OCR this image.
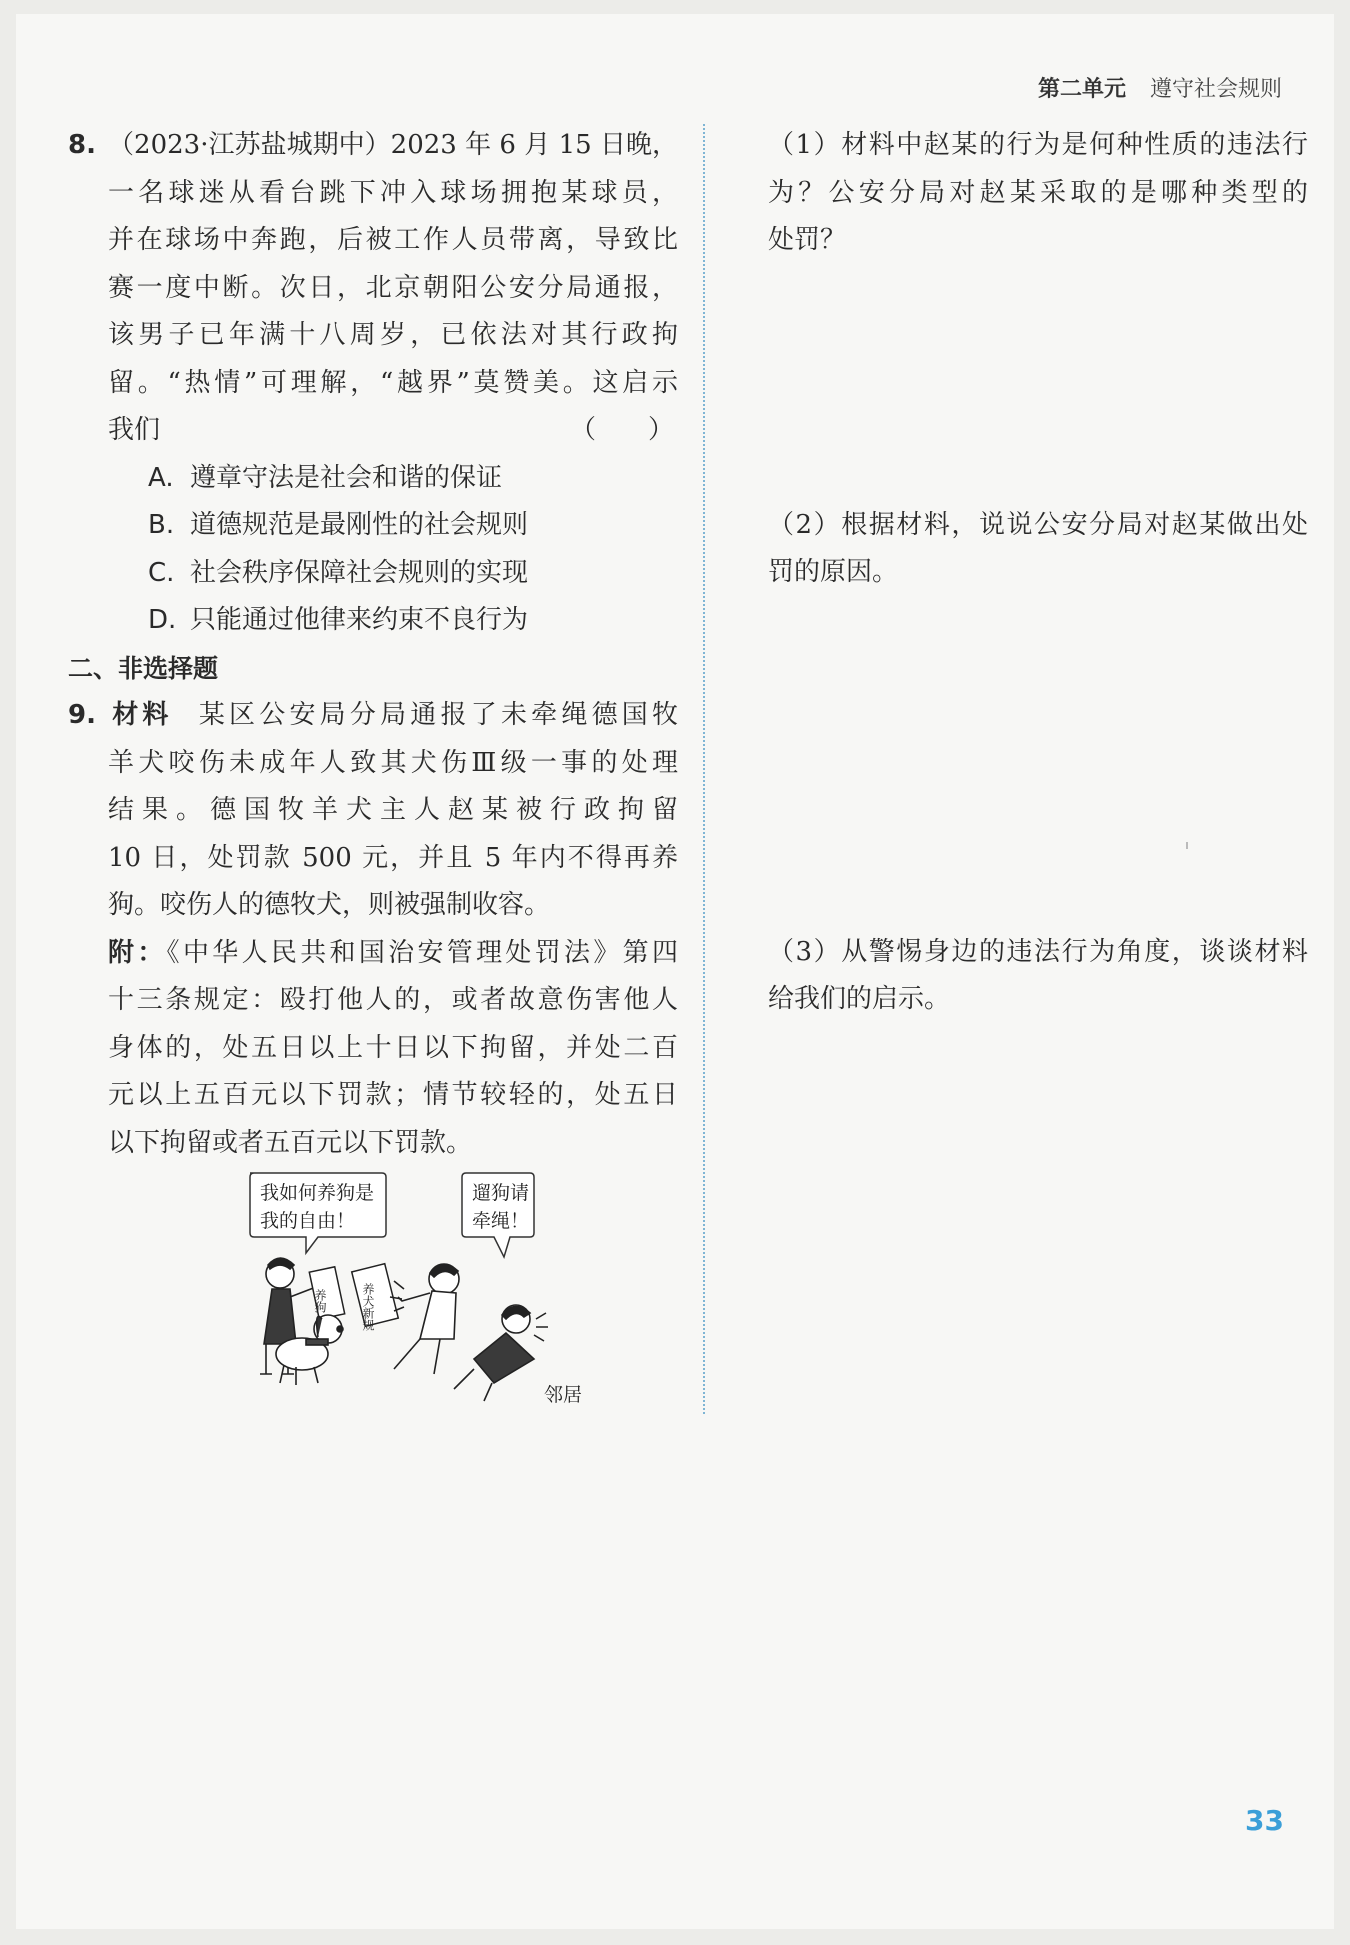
第二单元 遵守社会规则
8. （2023·江苏盐城期中）2023 年 6 月 15 日晚，
一名球迷从看台跳下冲入球场拥抱某球员，
并在球场中奔跑，后被工作人员带离，导致比
赛一度中断。次日，北京朝阳公安分局通报，
该男子已年满十八周岁，已依法对其行政拘
留。“热情”可理解，“越界”莫赞美。这启示
我们	（　　）
A. 遵章守法是社会和谐的保证
B. 道德规范是最刚性的社会规则
C. 社会秩序保障社会规则的实现
D. 只能通过他律来约束不良行为
二、非选择题
9. 材料 某区公安局分局通报了未牵绳德国牧
羊犬咬伤未成年人致其犬伤Ⅲ级一事的处理
结果。德国牧羊犬主人赵某被行政拘留
10 日，处罚款 500 元，并且 5 年内不得再养
狗。咬伤人的德牧犬，则被强制收容。
附：《中华人民共和国治安管理处罚法》第四
十三条规定：殴打他人的，或者故意伤害他人
身体的，处五日以上十日以下拘留，并处二百
元以上五百元以下罚款；情节较轻的，处五日
以下拘留或者五百元以下罚款。
我如何养狗是
我的自由！
遛狗请
牵绳！
养狗	养犬新规
邻居
（1）材料中赵某的行为是何种性质的违法行
为？公安分局对赵某采取的是哪种类型的
处罚？
（2）根据材料，说说公安分局对赵某做出处
罚的原因。
（3）从警惕身边的违法行为角度，谈谈材料
给我们的启示。
33
